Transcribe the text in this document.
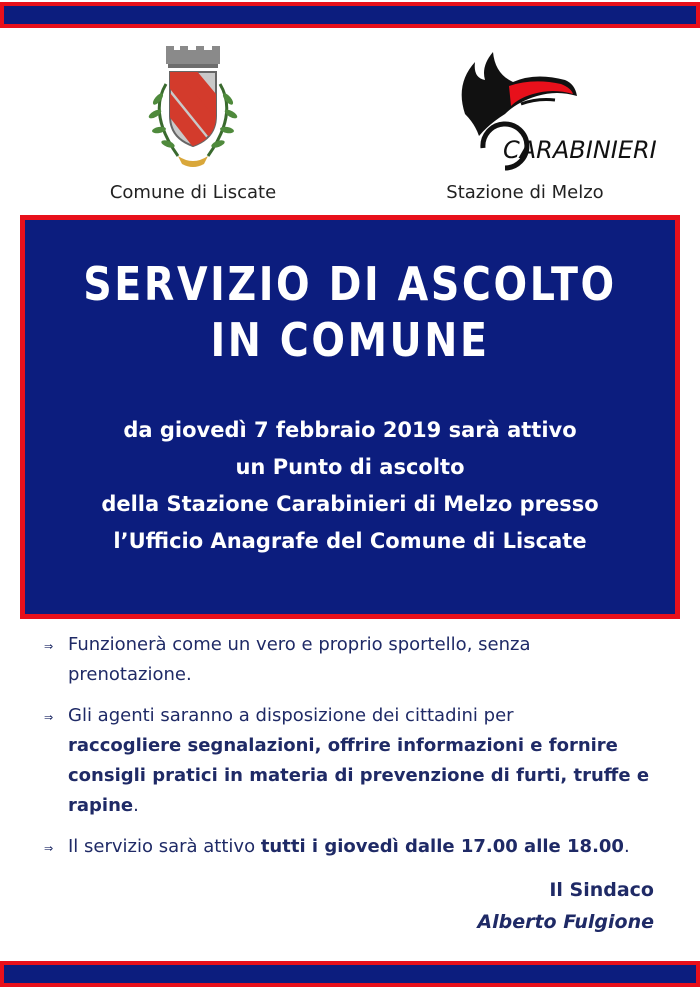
Comune di Liscate
CARABINIERI
Stazione di Melzo
SERVIZIO DI ASCOLTO
IN COMUNE
da giovedì 7 febbraio 2019 sarà attivo
un Punto di ascolto
della Stazione Carabinieri di Melzo presso
l’Ufficio Anagrafe del Comune di Liscate
⇒ Funzionerà come un vero e proprio sportello, senza
prenotazione.
⇒ Gli agenti saranno a disposizione dei cittadini per
raccogliere segnalazioni, offrire informazioni e fornire
consigli pratici in materia di prevenzione di furti, truffe e
rapine.
⇒ Il servizio sarà attivo tutti i giovedì dalle 17.00 alle 18.00.
Il Sindaco
Alberto Fulgione
